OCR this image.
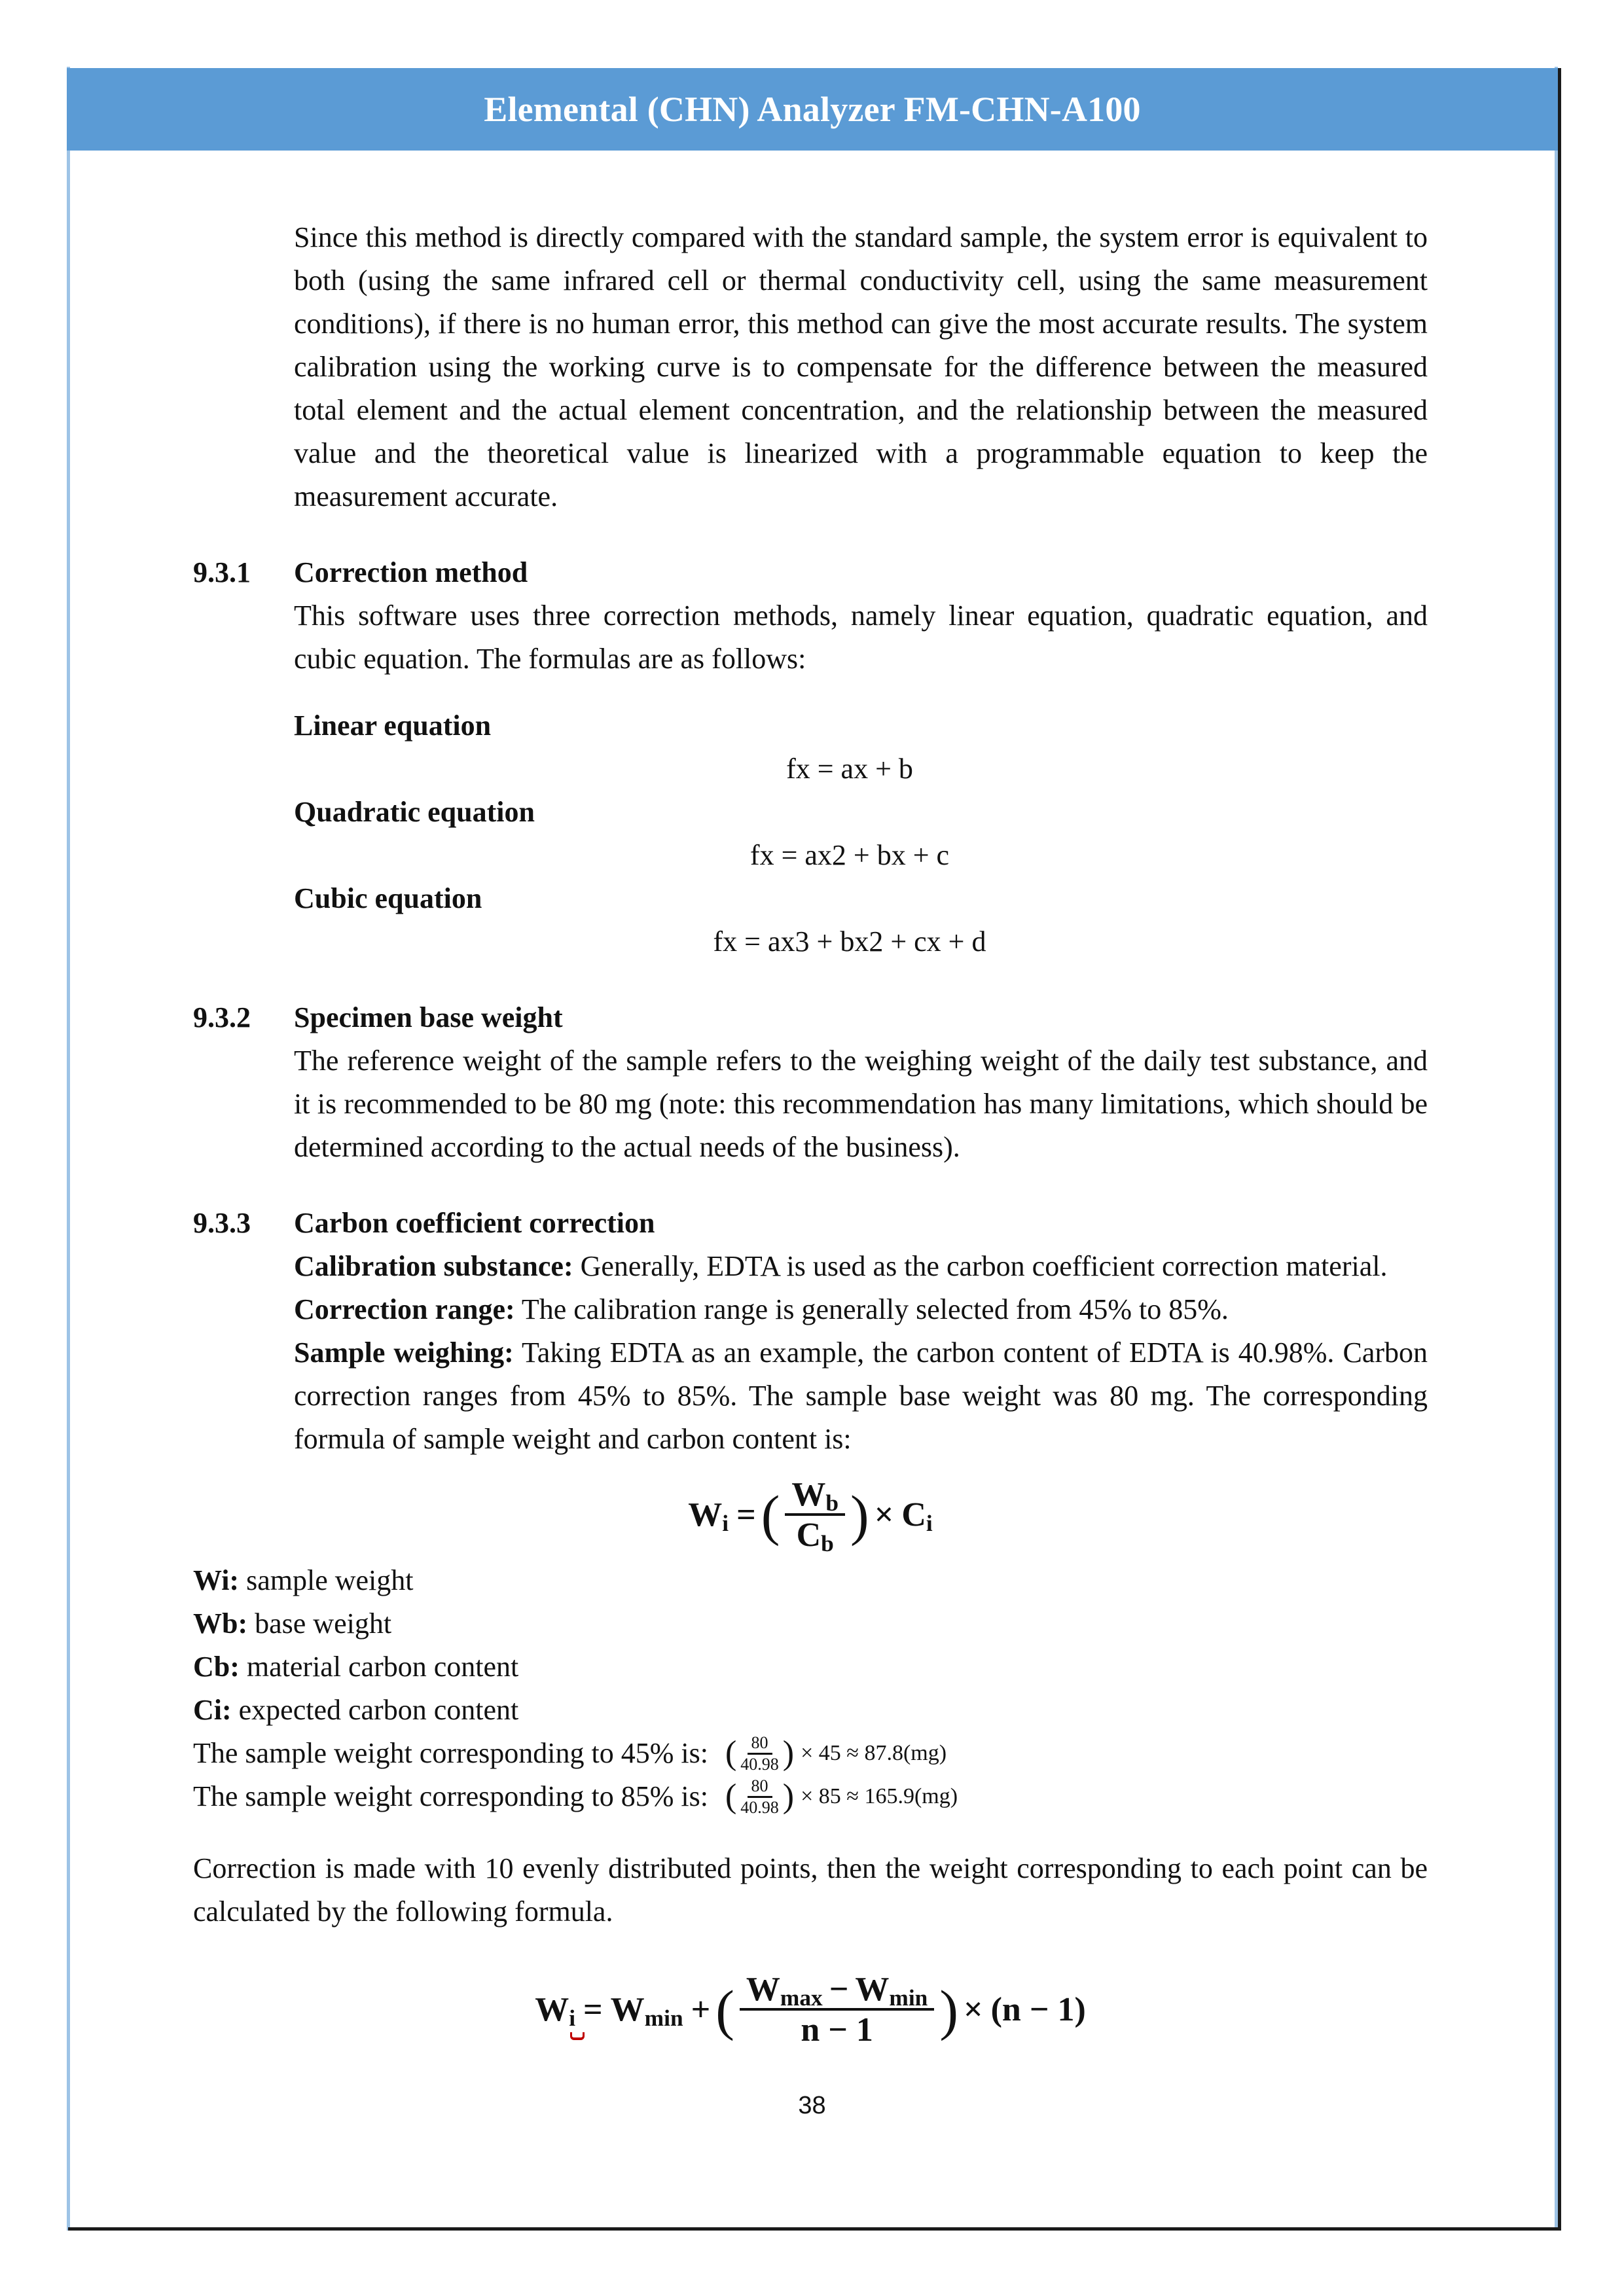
Elemental (CHN) Analyzer FM-CHN-A100

Since this method is directly compared with the standard sample, the system error is equivalent to both (using the same infrared cell or thermal conductivity cell, using the same measurement conditions), if there is no human error, this method can give the most accurate results. The system calibration using the working curve is to compensate for the difference between the measured total element and the actual element concentration, and the relationship between the measured value and the theoretical value is linearized with a programmable equation to keep the measurement accurate.

9.3.1	Correction method

This software uses three correction methods, namely linear equation, quadratic equation, and cubic equation. The formulas are as follows:

Linear equation
fx = ax + b
Quadratic equation
fx = ax2 + bx + c
Cubic equation
fx = ax3 + bx2 + cx + d
9.3.2	Specimen base weight

The reference weight of the sample refers to the weighing weight of the daily test substance, and it is recommended to be 80 mg (note: this recommendation has many limitations, which should be determined according to the actual needs of the business).

9.3.3	Carbon coefficient correction

Calibration substance: Generally, EDTA is used as the carbon coefficient correction material.

Correction range: The calibration range is generally selected from 45% to 85%.

Sample weighing: Taking EDTA as an example, the carbon content of EDTA is 40.98%. Carbon correction ranges from 45% to 85%. The sample base weight was 80 mg. The corresponding formula of sample weight and carbon content is:

$W_i$ = ( $\frac{W_b}{C_b}$ ) × $C_i$
Wi: sample weight
Wb: base weight
Cb: material carbon content
Ci: expected carbon content
The sample weight corresponding to 45% is: ( $\frac{80}{40.98}$ ) × 45 ≈ 87.8(mg)
The sample weight corresponding to 85% is: ( $\frac{80}{40.98}$ ) × 85 ≈ 165.9(mg)

Correction is made with 10 evenly distributed points, then the weight corresponding to each point can be calculated by the following formula.

$W_i = W_{min}$ + ( $\frac{W_{max} - W_{min}}{n - 1}$ ) × (n − 1)
38
